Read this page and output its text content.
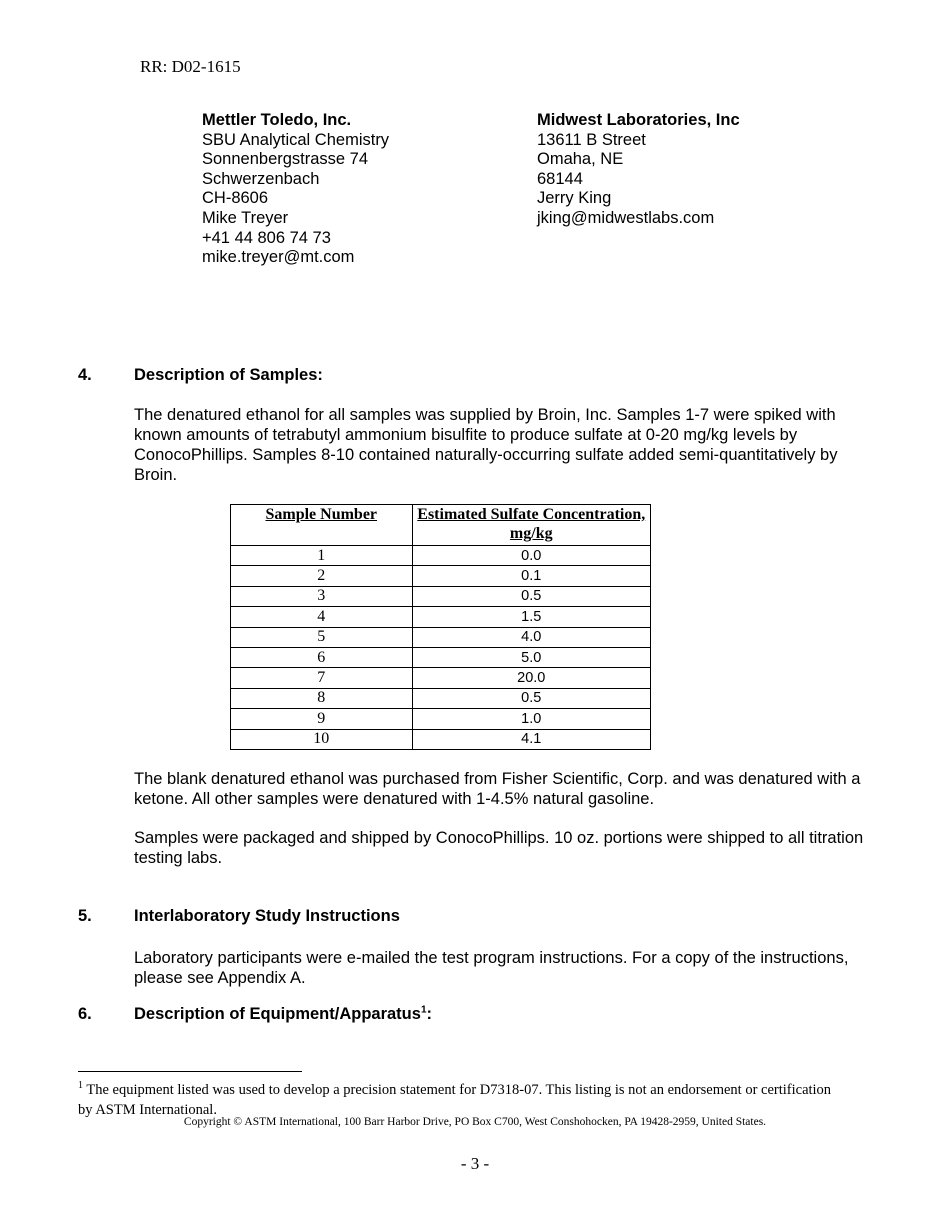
RR: D02-1615
Mettler Toledo, Inc.
SBU Analytical Chemistry
Sonnenbergstrasse 74
Schwerzenbach
CH-8606
Mike Treyer
+41 44 806 74 73
mike.treyer@mt.com
Midwest Laboratories, Inc
13611 B Street
Omaha, NE
68144
Jerry King
jking@midwestlabs.com
4.	Description of Samples:
The denatured ethanol for all samples was supplied by Broin, Inc. Samples 1-7 were spiked with known amounts of tetrabutyl ammonium bisulfite to produce sulfate at 0-20 mg/kg levels by ConocoPhillips. Samples 8-10 contained naturally-occurring sulfate added semi-quantitatively by Broin.
Sample Number	Estimated Sulfate Concentration, mg/kg
1	0.0
2	0.1
3	0.5
4	1.5
5	4.0
6	5.0
7	20.0
8	0.5
9	1.0
10	4.1
The blank denatured ethanol was purchased from Fisher Scientific, Corp. and was denatured with a ketone. All other samples were denatured with 1-4.5% natural gasoline.
Samples were packaged and shipped by ConocoPhillips. 10 oz. portions were shipped to all titration testing labs.
5.	Interlaboratory Study Instructions
Laboratory participants were e-mailed the test program instructions. For a copy of the instructions, please see Appendix A.
6.	Description of Equipment/Apparatus$^1$:
$^1$ The equipment listed was used to develop a precision statement for D7318-07. This listing is not an endorsement or certification by ASTM International.
Copyright © ASTM International, 100 Barr Harbor Drive, PO Box C700, West Conshohocken, PA 19428-2959, United States.
- 3 -
